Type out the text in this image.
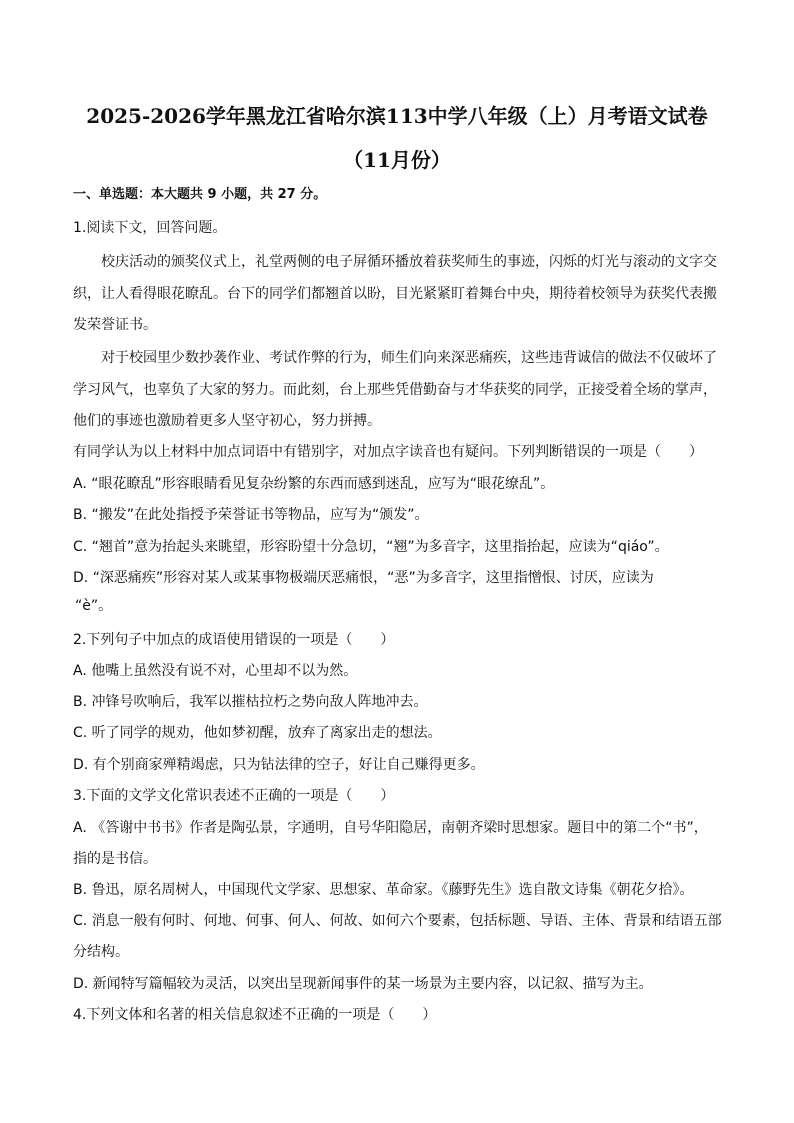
2025-2026学年黑龙江省哈尔滨113中学八年级（上）月考语文试卷
（11月份）
一、单选题：本大题共 9 小题，共 27 分。
1.阅读下文，回答问题。
校庆活动的颁奖仪式上，礼堂两侧的电子屏循环播放着获奖师生的事迹，闪烁的灯光与滚动的文字交
织，让人看得眼花瞭乱。台下的同学们都翘首以盼，目光紧紧盯着舞台中央，期待着校领导为获奖代表搬
发荣誉证书。
对于校园里少数抄袭作业、考试作弊的行为，师生们向来深恶痛疾，这些违背诚信的做法不仅破坏了
学习风气，也辜负了大家的努力。而此刻，台上那些凭借勤奋与才华获奖的同学，正接受着全场的掌声，
他们的事迹也激励着更多人坚守初心，努力拼搏。
有同学认为以上材料中加点词语中有错别字，对加点字读音也有疑问。下列判断错误的一项是（　　）
A. “眼花瞭乱”形容眼睛看见复杂纷繁的东西而感到迷乱，应写为“眼花缭乱”。
B. “搬发”在此处指授予荣誉证书等物品，应写为“颁发”。
C. “翘首”意为抬起头来眺望，形容盼望十分急切，“翘”为多音字，这里指抬起，应读为“qiáo”。
D. “深恶痛疾”形容对某人或某事物极端厌恶痛恨，“恶”为多音字，这里指憎恨、讨厌，应读为
“è”。
2.下列句子中加点的成语使用错误的一项是（　　）
A. 他嘴上虽然没有说不对，心里却不以为然。
B. 冲锋号吹响后，我军以摧枯拉朽之势向敌人阵地冲去。
C. 听了同学的规劝，他如梦初醒，放弃了离家出走的想法。
D. 有个别商家殚精竭虑，只为钻法律的空子，好让自己赚得更多。
3.下面的文学文化常识表述不正确的一项是（　　）
A. 《答谢中书书》作者是陶弘景，字通明，自号华阳隐居，南朝齐梁时思想家。题目中的第二个“书”，
指的是书信。
B. 鲁迅，原名周树人，中国现代文学家、思想家、革命家。《藤野先生》选自散文诗集《朝花夕拾》。
C. 消息一般有何时、何地、何事、何人、何故、如何六个要素，包括标题、导语、主体、背景和结语五部
分结构。
D. 新闻特写篇幅较为灵活，以突出呈现新闻事件的某一场景为主要内容，以记叙、描写为主。
4.下列文体和名著的相关信息叙述不正确的一项是（　　）
